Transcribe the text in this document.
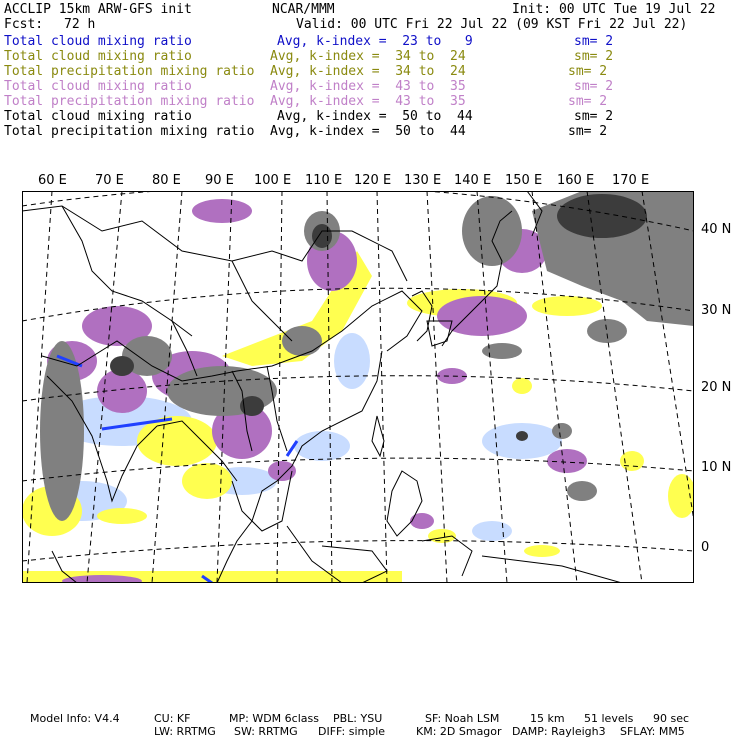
ACCLIP 15km ARW-GFS init	NCAR/MMM	Init: 00 UTC Tue 19 Jul 22
Fcst: 72 h	Valid: 00 UTC Fri 22 Jul 22 (09 KST Fri 22 Jul 22)
Total cloud mixing ratio	Avg, k-index =  23 to   9	sm= 2
Total cloud mixing ratio	Avg, k-index =  34 to  24	sm= 2
Total precipitation mixing ratio Avg, k-index =  34 to  24	sm= 2
Total cloud mixing ratio	Avg, k-index =  43 to  35	sm= 2
Total precipitation mixing ratio Avg, k-index =  43 to  35	sm= 2
Total cloud mixing ratio	Avg, k-index =  50 to  44	sm= 2
Total precipitation mixing ratio Avg, k-index =  50 to  44	sm= 2
60 E 70 E 80 E 90 E 100 E 110 E 120 E 130 E 140 E 150 E 160 E 170 E
40 N
30 N
20 N
10 N
0
Model Info: V4.4	CU: KF	MP: WDM 6class PBL: YSU	SF: Noah LSM	15 km 51 levels 90 sec
LW: RRTMG SW: RRTMG DIFF: simple	KM: 2D Smagor DAMP: Rayleigh3 SFLAY: MM5
